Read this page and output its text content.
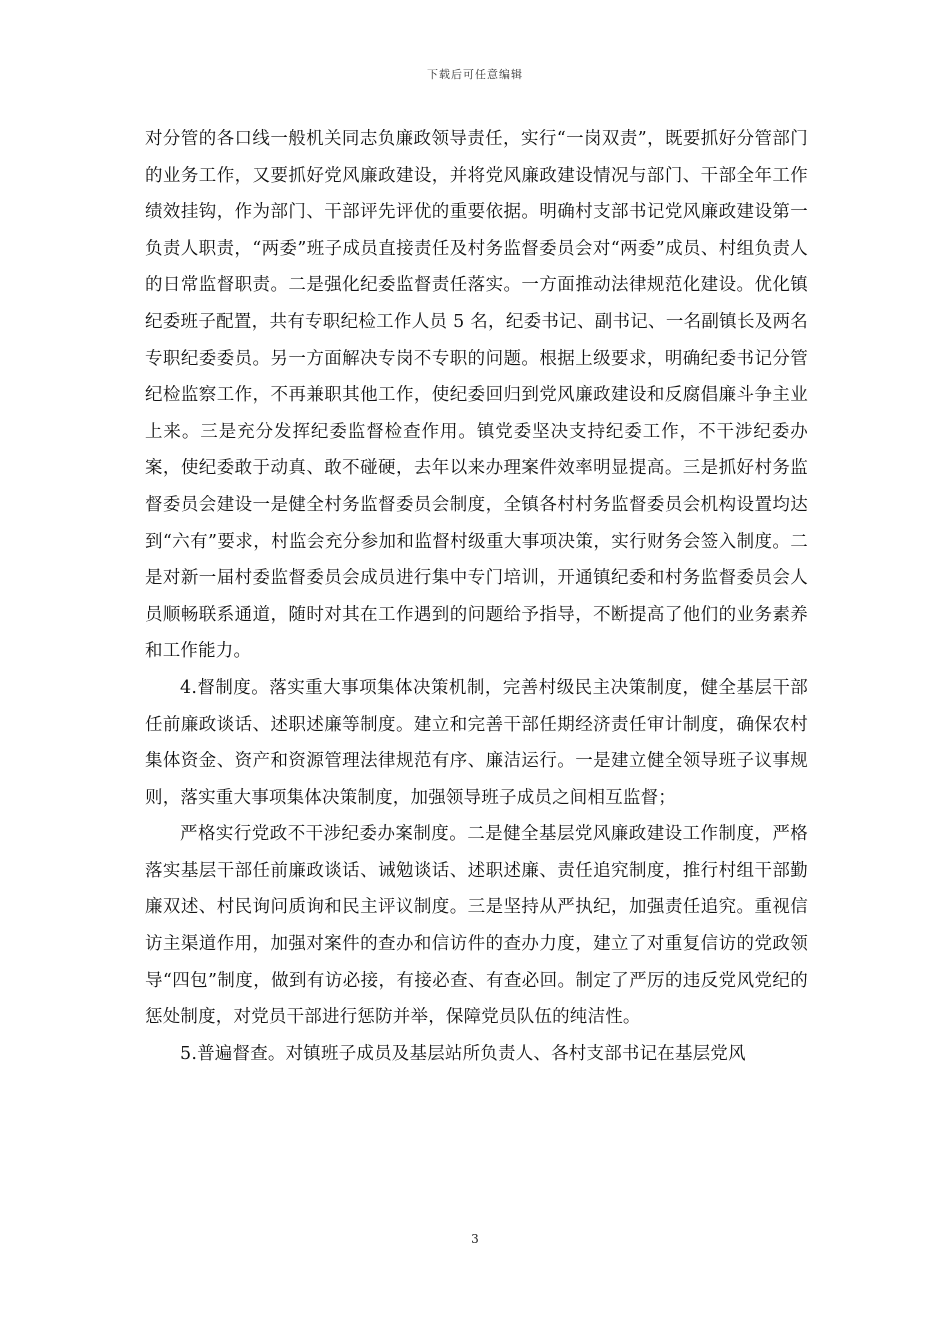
下载后可任意编辑

对分管的各口线一般机关同志负廉政领导责任，实行“一岗双责”，既要抓好分管部门的业务工作，又要抓好党风廉政建设，并将党风廉政建设情况与部门、干部全年工作绩效挂钩，作为部门、干部评先评优的重要依据。明确村支部书记党风廉政建设第一负责人职责，“两委”班子成员直接责任及村务监督委员会对“两委”成员、村组负责人的日常监督职责。二是强化纪委监督责任落实。一方面推动法律规范化建设。优化镇纪委班子配置，共有专职纪检工作人员 5 名，纪委书记、副书记、一名副镇长及两名专职纪委委员。另一方面解决专岗不专职的问题。根据上级要求，明确纪委书记分管纪检监察工作，不再兼职其他工作，使纪委回归到党风廉政建设和反腐倡廉斗争主业上来。三是充分发挥纪委监督检查作用。镇党委坚决支持纪委工作，不干涉纪委办案，使纪委敢于动真、敢不碰硬，去年以来办理案件效率明显提高。三是抓好村务监督委员会建设一是健全村务监督委员会制度，全镇各村村务监督委员会机构设置均达到“六有”要求，村监会充分参加和监督村级重大事项决策，实行财务会签入制度。二是对新一届村委监督委员会成员进行集中专门培训，开通镇纪委和村务监督委员会人员顺畅联系通道，随时对其在工作遇到的问题给予指导，不断提高了他们的业务素养和工作能力。

4.督制度。落实重大事项集体决策机制，完善村级民主决策制度，健全基层干部任前廉政谈话、述职述廉等制度。建立和完善干部任期经济责任审计制度，确保农村集体资金、资产和资源管理法律规范有序、廉洁运行。一是建立健全领导班子议事规则，落实重大事项集体决策制度，加强领导班子成员之间相互监督；

严格实行党政不干涉纪委办案制度。二是健全基层党风廉政建设工作制度，严格落实基层干部任前廉政谈话、诫勉谈话、述职述廉、责任追究制度，推行村组干部勤廉双述、村民询问质询和民主评议制度。三是坚持从严执纪，加强责任追究。重视信访主渠道作用，加强对案件的查办和信访件的查办力度，建立了对重复信访的党政领导“四包”制度，做到有访必接，有接必查、有查必回。制定了严厉的违反党风党纪的惩处制度，对党员干部进行惩防并举，保障党员队伍的纯洁性。

5.普遍督查。对镇班子成员及基层站所负责人、各村支部书记在基层党风

3
